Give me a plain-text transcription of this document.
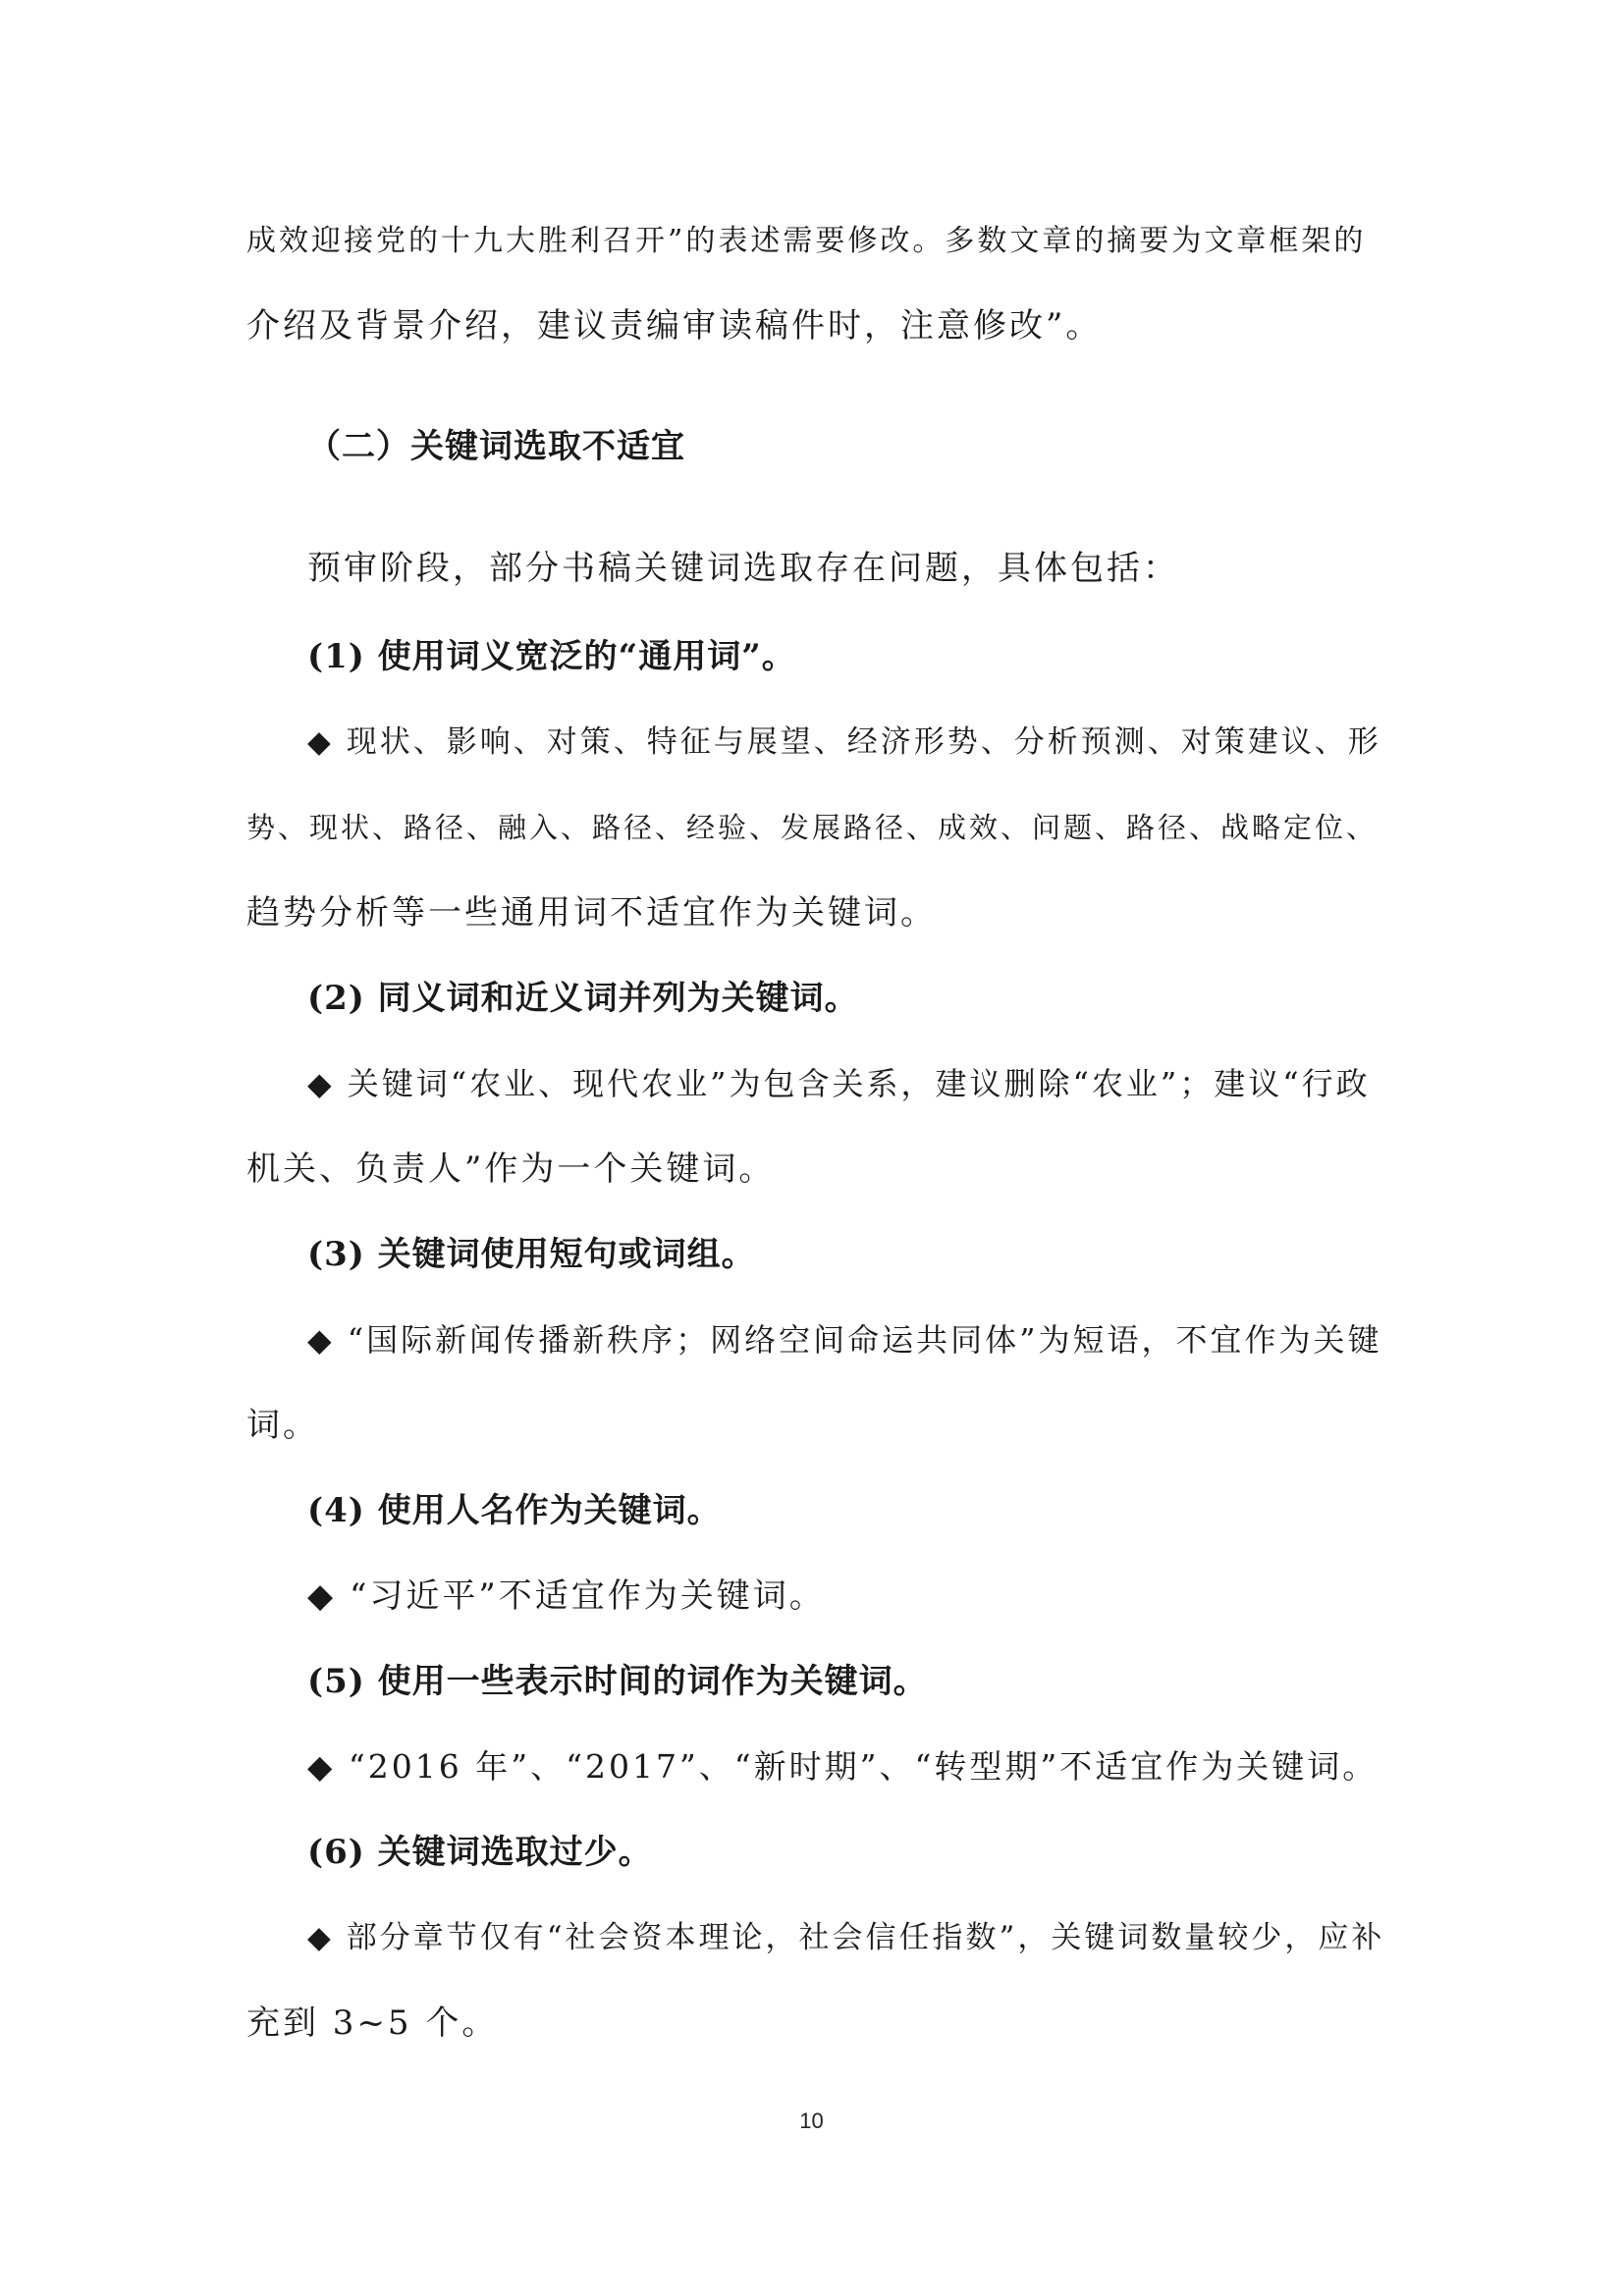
成效迎接党的十九大胜利召开”的表述需要修改。多数文章的摘要为文章框架的
介绍及背景介绍，建议责编审读稿件时，注意修改”。
（二）关键词选取不适宜
预审阶段，部分书稿关键词选取存在问题，具体包括：
(1) 使用词义宽泛的“通用词”。
◆ 现状、影响、对策、特征与展望、经济形势、分析预测、对策建议、形
势、现状、路径、融入、路径、经验、发展路径、成效、问题、路径、战略定位、
趋势分析等一些通用词不适宜作为关键词。
(2) 同义词和近义词并列为关键词。
◆ 关键词“农业、现代农业”为包含关系，建议删除“农业”；建议“行政
机关、负责人”作为一个关键词。
(3) 关键词使用短句或词组。
◆ “国际新闻传播新秩序；网络空间命运共同体”为短语，不宜作为关键
词。
(4) 使用人名作为关键词。
◆ “习近平”不适宜作为关键词。
(5) 使用一些表示时间的词作为关键词。
◆ “2016 年”、“2017”、“新时期”、“转型期”不适宜作为关键词。
(6) 关键词选取过少。
◆ 部分章节仅有“社会资本理论，社会信任指数”，关键词数量较少，应补
充到 3~5 个。
10
